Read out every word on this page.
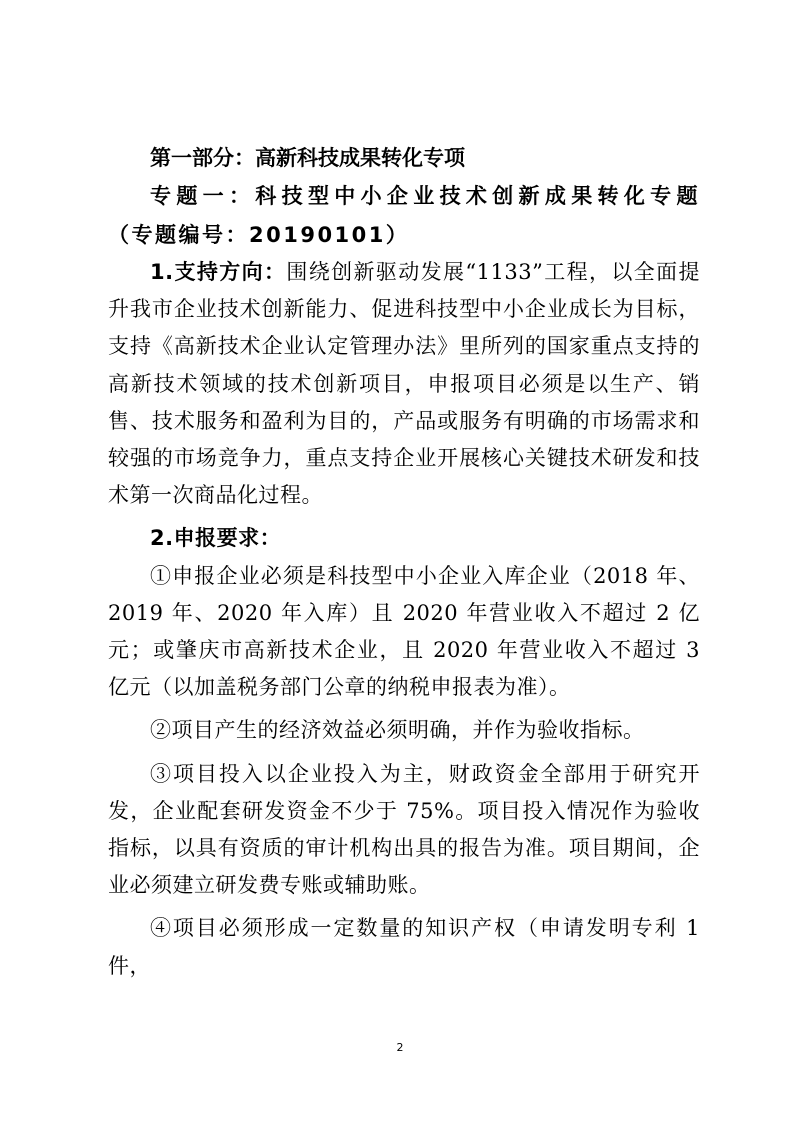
第一部分：高新科技成果转化专项

专题一：科技型中小企业技术创新成果转化专题 （专题编号：20190101）

1.支持方向：围绕创新驱动发展“1133”工程，以全面提升我市企业技术创新能力、促进科技型中小企业成长为目标，支持《高新技术企业认定管理办法》里所列的国家重点支持的高新技术领域的技术创新项目，申报项目必须是以生产、销售、技术服务和盈利为目的，产品或服务有明确的市场需求和较强的市场竞争力，重点支持企业开展核心关键技术研发和技术第一次商品化过程。

2.申报要求：

①申报企业必须是科技型中小企业入库企业（2018 年、2019 年、2020 年入库）且 2020 年营业收入不超过 2 亿元；或肇庆市高新技术企业，且 2020 年营业收入不超过 3 亿元（以加盖税务部门公章的纳税申报表为准）。

②项目产生的经济效益必须明确，并作为验收指标。

③项目投入以企业投入为主，财政资金全部用于研究开发，企业配套研发资金不少于 75%。项目投入情况作为验收指标，以具有资质的审计机构出具的报告为准。项目期间，企业必须建立研发费专账或辅助账。

④项目必须形成一定数量的知识产权（申请发明专利 1 件，

2
